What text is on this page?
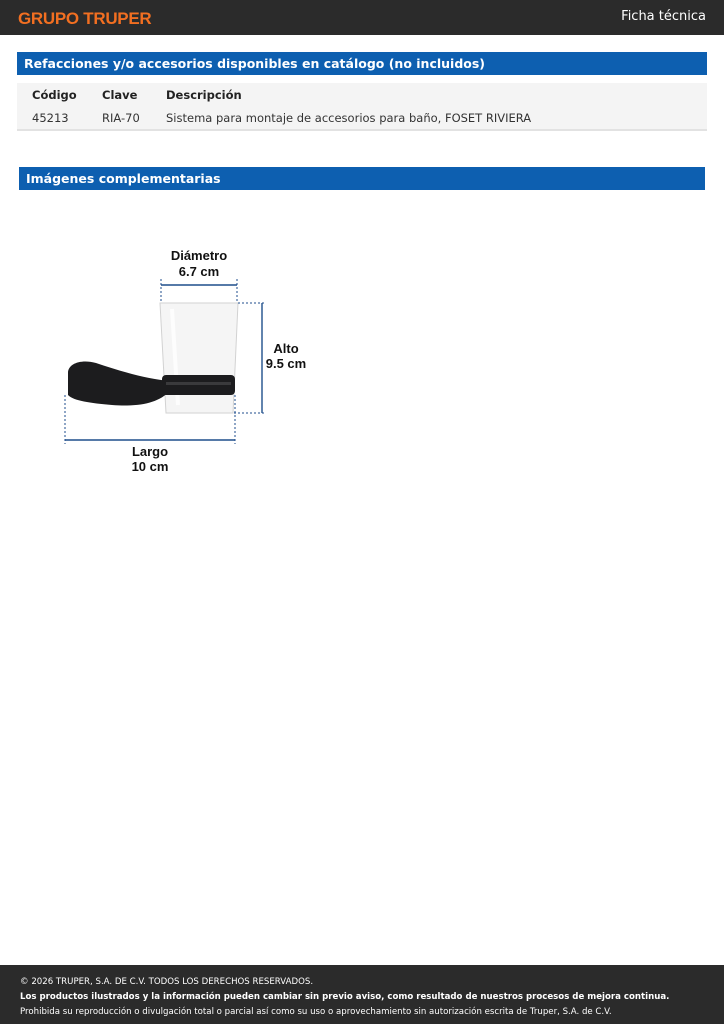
GRUPO TRUPER	Ficha técnica
Refacciones y/o accesorios disponibles en catálogo (no incluidos)
Código Clave Descripción
45213	RIA-70 Sistema para montaje de accesorios para baño, FOSET RIVIERA
Imágenes complementarias
Diámetro
6.7 cm
Alto
9.5 cm
Largo
10 cm
© 2026 TRUPER, S.A. DE C.V. TODOS LOS DERECHOS RESERVADOS.
Los productos ilustrados y la información pueden cambiar sin previo aviso, como resultado de nuestros procesos de mejora continua.
Prohibida su reproducción o divulgación total o parcial así como su uso o aprovechamiento sin autorización escrita de Truper, S.A. de C.V.
